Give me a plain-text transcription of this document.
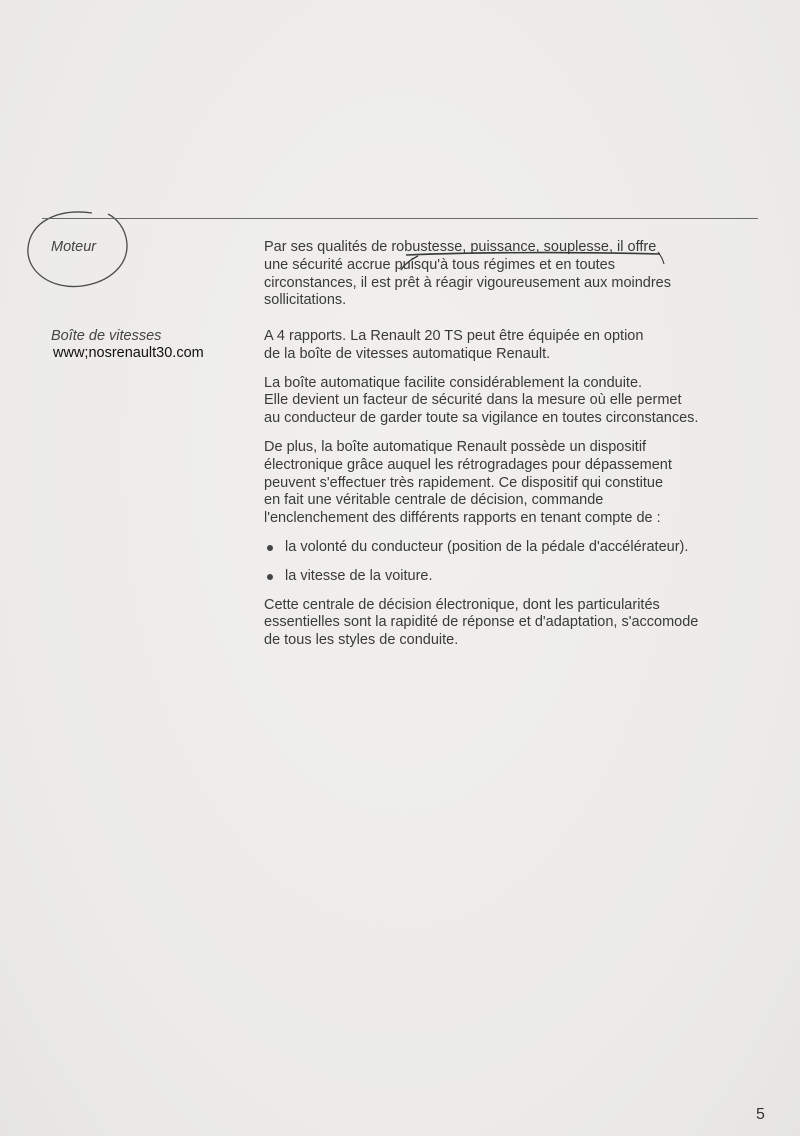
Moteur
Boîte de vitesses
www;nosrenault30.com

Par ses qualités de robustesse, puissance, souplesse, il offre
une sécurité accrue puisqu'à tous régimes et en toutes
circonstances, il est prêt à réagir vigoureusement aux moindres
sollicitations.

A 4 rapports. La Renault 20 TS peut être équipée en option
de la boîte de vitesses automatique Renault.

La boîte automatique facilite considérablement la conduite.
Elle devient un facteur de sécurité dans la mesure où elle permet
au conducteur de garder toute sa vigilance en toutes circonstances.

De plus, la boîte automatique Renault possède un dispositif
électronique grâce auquel les rétrogradages pour dépassement
peuvent s'effectuer très rapidement. Ce dispositif qui constitue
en fait une véritable centrale de décision, commande
l'enclenchement des différents rapports en tenant compte de :

la volonté du conducteur (position de la pédale d'accélérateur).
la vitesse de la voiture.

Cette centrale de décision électronique, dont les particularités
essentielles sont la rapidité de réponse et d'adaptation, s'accomode
de tous les styles de conduite.

5
